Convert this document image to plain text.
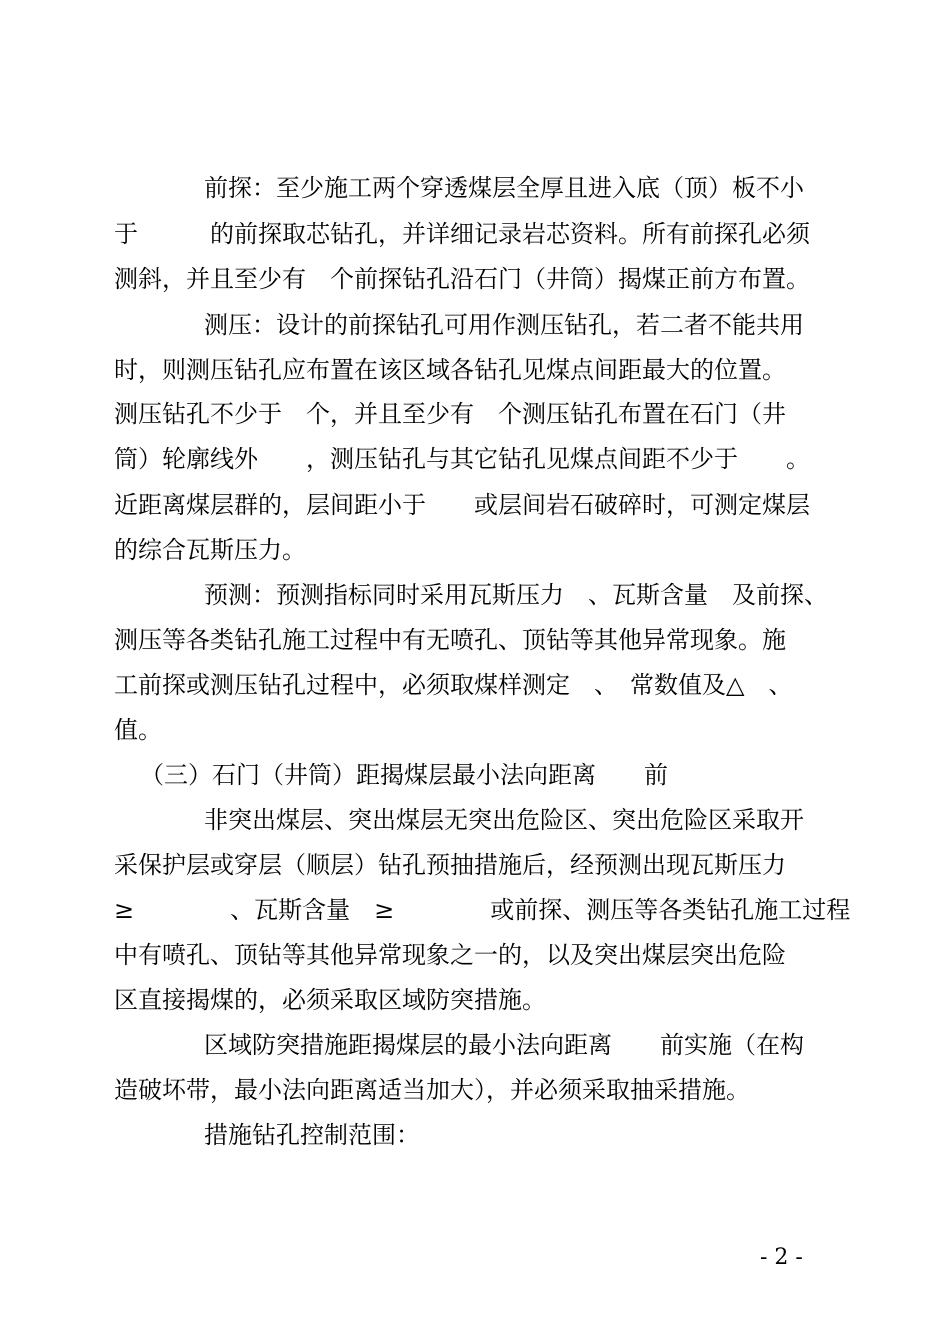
前探：至少施工两个穿透煤层全厚且进入底（顶）板不小
于　　　的前探取芯钻孔，并详细记录岩芯资料。所有前探孔必须
测斜，并且至少有　个前探钻孔沿石门（井筒）揭煤正前方布置。
测压：设计的前探钻孔可用作测压钻孔，若二者不能共用
时，则测压钻孔应布置在该区域各钻孔见煤点间距最大的位置。
测压钻孔不少于　个，并且至少有　个测压钻孔布置在石门（井
筒）轮廓线外　　，测压钻孔与其它钻孔见煤点间距不少于　　。
近距离煤层群的，层间距小于　　或层间岩石破碎时，可测定煤层
的综合瓦斯压力。
预测：预测指标同时采用瓦斯压力　、瓦斯含量　及前探、
测压等各类钻孔施工过程中有无喷孔、顶钻等其他异常现象。施
工前探或测压钻孔过程中，必须取煤样测定　、　常数值及△　、
值。
（三）石门（井筒）距揭煤层最小法向距离　　前
非突出煤层、突出煤层无突出危险区、突出危险区采取开
采保护层或穿层（顺层）钻孔预抽措施后，经预测出现瓦斯压力
≥　　　　、瓦斯含量　≥　　　　或前探、测压等各类钻孔施工过程
中有喷孔、顶钻等其他异常现象之一的，以及突出煤层突出危险
区直接揭煤的，必须采取区域防突措施。
区域防突措施距揭煤层的最小法向距离　　前实施（在构
造破坏带，最小法向距离适当加大），并必须采取抽采措施。
措施钻孔控制范围：
- 2 -
